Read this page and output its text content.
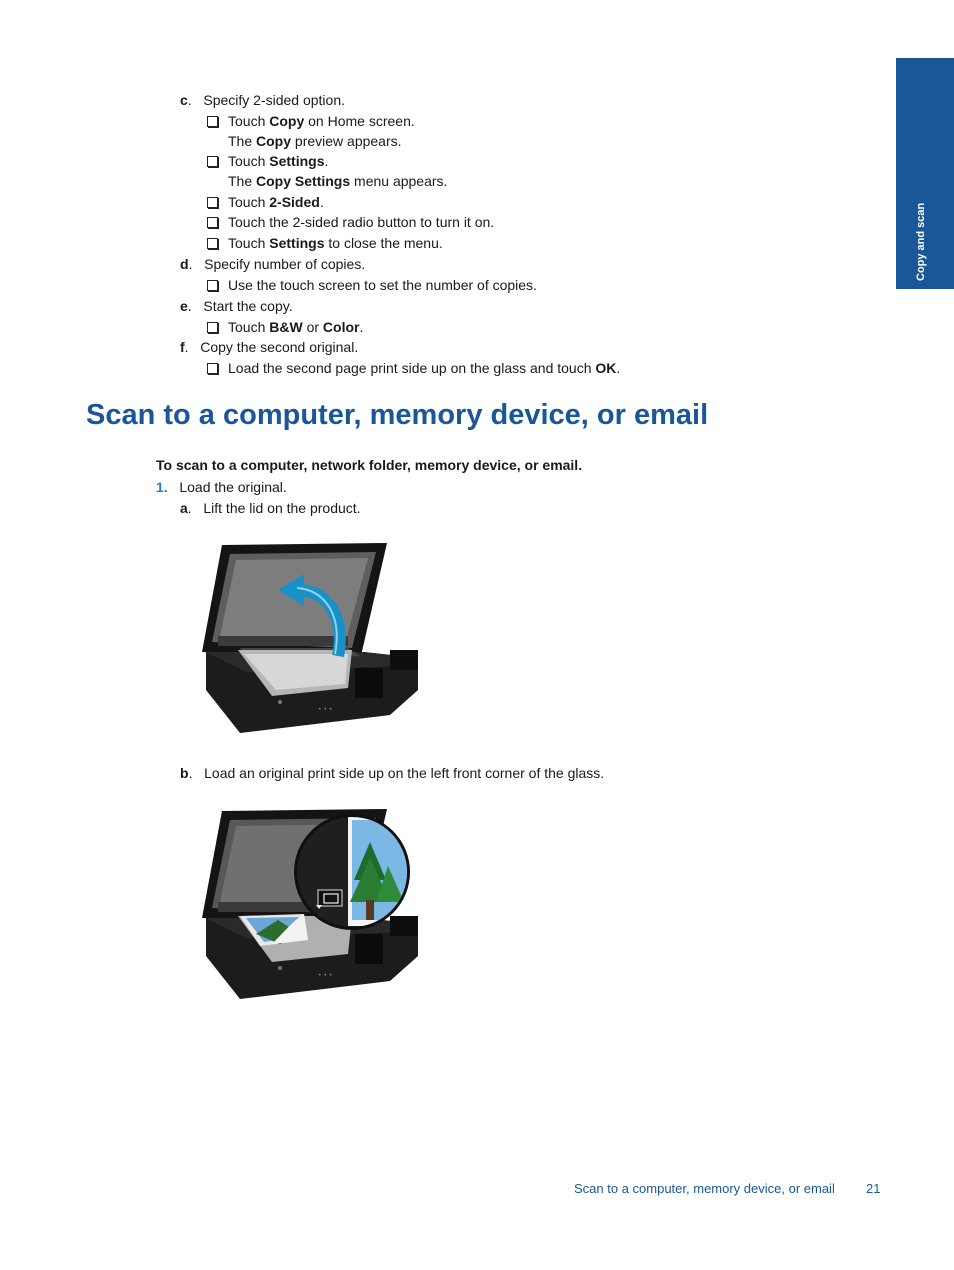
Copy and scan
c.   Specify 2-sided option.
Touch Copy on Home screen.
The Copy preview appears.
Touch Settings.
The Copy Settings menu appears.
Touch 2-Sided.
Touch the 2-sided radio button to turn it on.
Touch Settings to close the menu.
d.   Specify number of copies.
Use the touch screen to set the number of copies.
e.   Start the copy.
Touch B&W or Color.
f.   Copy the second original.
Load the second page print side up on the glass and touch OK.
Scan to a computer, memory device, or email
To scan to a computer, network folder, memory device, or email.
1. Load the original.
a.   Lift the lid on the product.
• • •
b.   Load an original print side up on the left front corner of the glass.
• • •
Scan to a computer, memory device, or email 21
